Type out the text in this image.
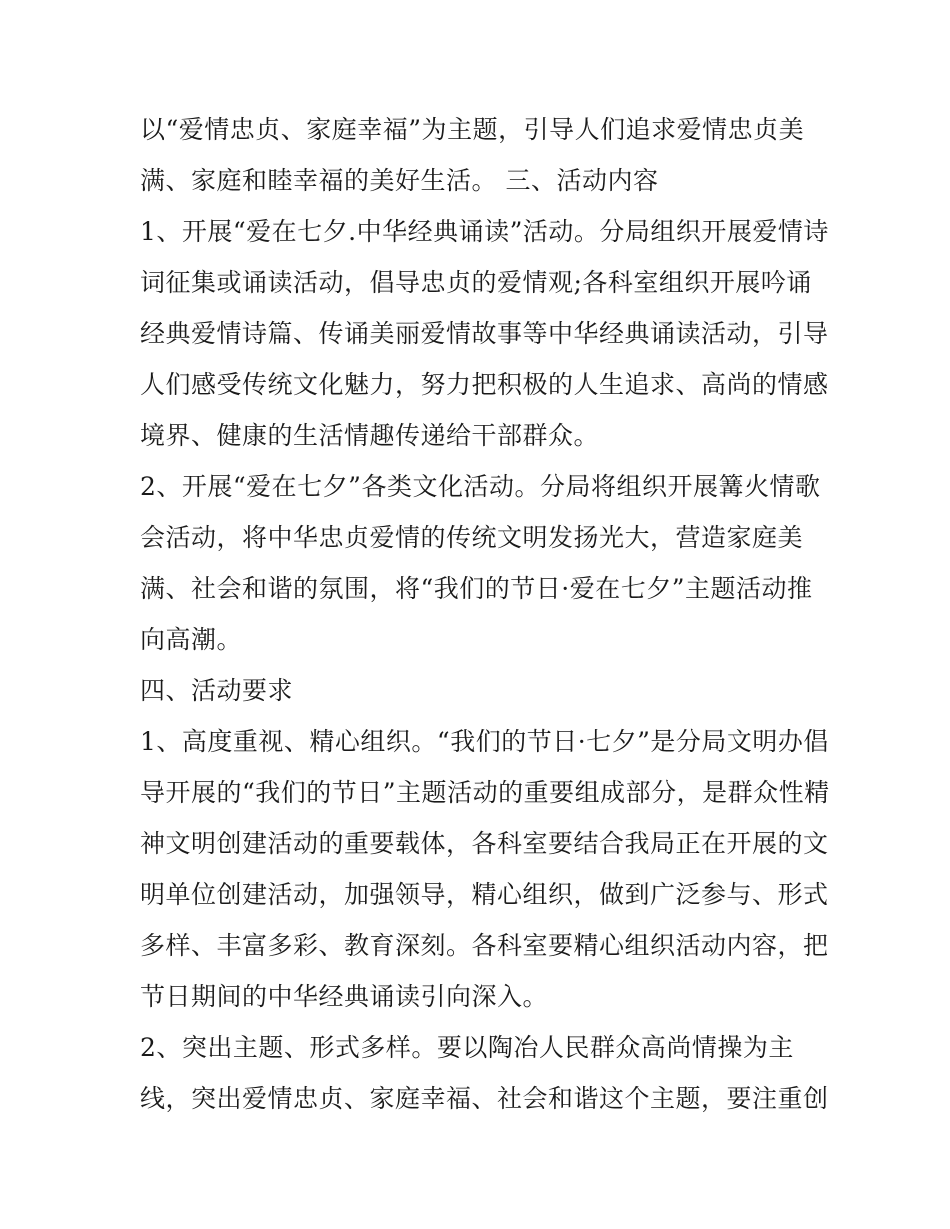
以“爱情忠贞、家庭幸福”为主题，引导人们追求爱情忠贞美
满、家庭和睦幸福的美好生活。 三、活动内容
1、开展“爱在七夕.中华经典诵读”活动。分局组织开展爱情诗
词征集或诵读活动，倡导忠贞的爱情观;各科室组织开展吟诵
经典爱情诗篇、传诵美丽爱情故事等中华经典诵读活动，引导
人们感受传统文化魅力，努力把积极的人生追求、高尚的情感
境界、健康的生活情趣传递给干部群众。
2、开展“爱在七夕”各类文化活动。分局将组织开展篝火情歌
会活动，将中华忠贞爱情的传统文明发扬光大，营造家庭美
满、社会和谐的氛围，将“我们的节日·爱在七夕”主题活动推
向高潮。
四、活动要求
1、高度重视、精心组织。“我们的节日·七夕”是分局文明办倡
导开展的“我们的节日”主题活动的重要组成部分，是群众性精
神文明创建活动的重要载体，各科室要结合我局正在开展的文
明单位创建活动，加强领导，精心组织，做到广泛参与、形式
多样、丰富多彩、教育深刻。各科室要精心组织活动内容，把
节日期间的中华经典诵读引向深入。
2、突出主题、形式多样。要以陶冶人民群众高尚情操为主
线，突出爱情忠贞、家庭幸福、社会和谐这个主题，要注重创
